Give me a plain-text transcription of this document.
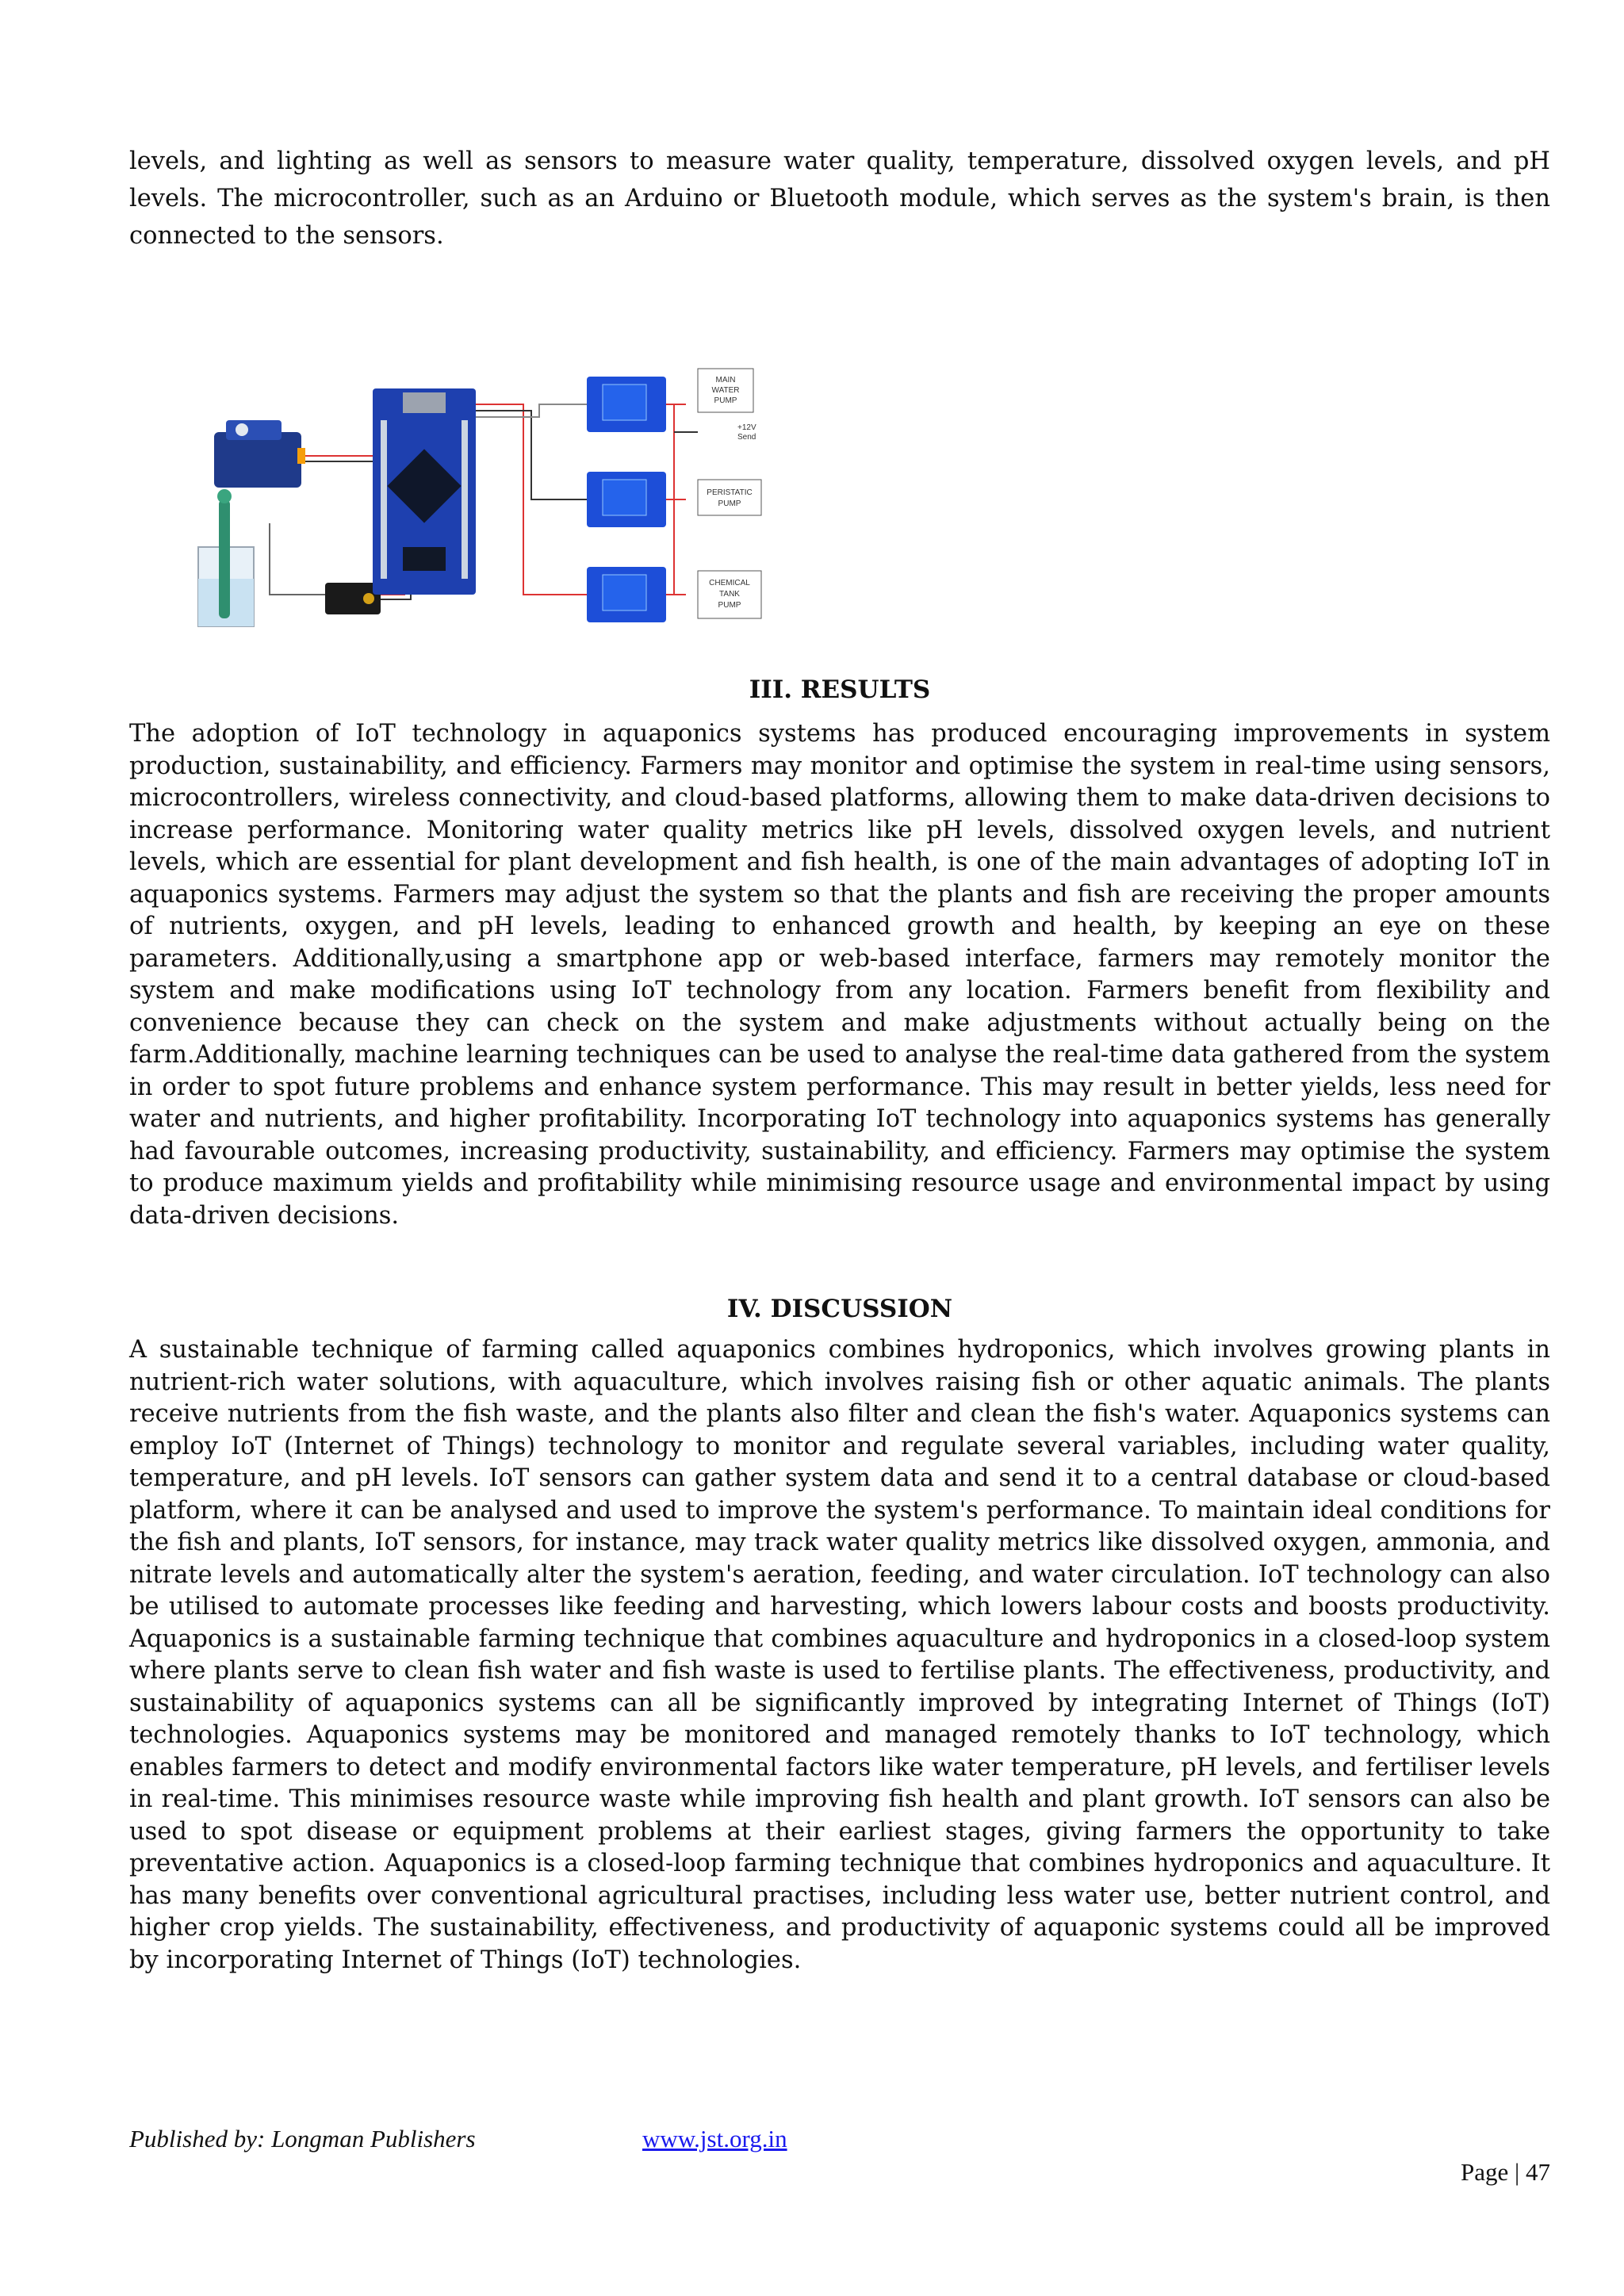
levels, and lighting as well as sensors to measure water quality, temperature, dissolved oxygen levels, and pH levels. The microcontroller, such as an Arduino or Bluetooth module, which serves as the system's brain, is then connected to the sensors.

MAIN
WATER
PUMP
+12V
Send
PERISTATIC
PUMP
CHEMICAL
TANK
PUMP
III. RESULTS

The adoption of IoT technology in aquaponics systems has produced encouraging improvements in system production, sustainability, and efficiency. Farmers may monitor and optimise the system in real-time using sensors, microcontrollers, wireless connectivity, and cloud-based platforms, allowing them to make data-driven decisions to increase performance. Monitoring water quality metrics like pH levels, dissolved oxygen levels, and nutrient levels, which are essential for plant development and fish health, is one of the main advantages of adopting IoT in aquaponics systems. Farmers may adjust the system so that the plants and fish are receiving the proper amounts of nutrients, oxygen, and pH levels, leading to enhanced growth and health, by keeping an eye on these parameters. Additionally,using a smartphone app or web-based interface, farmers may remotely monitor the system and make modifications using IoT technology from any location. Farmers benefit from flexibility and convenience because they can check on the system and make adjustments without actually being on the farm.Additionally, machine learning techniques can be used to analyse the real-time data gathered from the system in order to spot future problems and enhance system performance. This may result in better yields, less need for water and nutrients, and higher profitability. Incorporating IoT technology into aquaponics systems has generally had favourable outcomes, increasing productivity, sustainability, and efficiency. Farmers may optimise the system to produce maximum yields and profitability while minimising resource usage and environmental impact by using data-driven decisions.

IV. DISCUSSION

A sustainable technique of farming called aquaponics combines hydroponics, which involves growing plants in nutrient-rich water solutions, with aquaculture, which involves raising fish or other aquatic animals. The plants receive nutrients from the fish waste, and the plants also filter and clean the fish's water. Aquaponics systems can employ IoT (Internet of Things) technology to monitor and regulate several variables, including water quality, temperature, and pH levels. IoT sensors can gather system data and send it to a central database or cloud-based platform, where it can be analysed and used to improve the system's performance. To maintain ideal conditions for the fish and plants, IoT sensors, for instance, may track water quality metrics like dissolved oxygen, ammonia, and nitrate levels and automatically alter the system's aeration, feeding, and water circulation. IoT technology can also be utilised to automate processes like feeding and harvesting, which lowers labour costs and boosts productivity. Aquaponics is a sustainable farming technique that combines aquaculture and hydroponics in a closed-loop system where plants serve to clean fish water and fish waste is used to fertilise plants. The effectiveness, productivity, and sustainability of aquaponics systems can all be significantly improved by integrating Internet of Things (IoT) technologies. Aquaponics systems may be monitored and managed remotely thanks to IoT technology, which enables farmers to detect and modify environmental factors like water temperature, pH levels, and fertiliser levels in real-time. This minimises resource waste while improving fish health and plant growth. IoT sensors can also be used to spot disease or equipment problems at their earliest stages, giving farmers the opportunity to take preventative action. Aquaponics is a closed-loop farming technique that combines hydroponics and aquaculture. It has many benefits over conventional agricultural practises, including less water use, better nutrient control, and higher crop yields. The sustainability, effectiveness, and productivity of aquaponic systems could all be improved by incorporating Internet of Things (IoT) technologies.

Published by: Longman Publishers	www.jst.org.in
Page | 47
